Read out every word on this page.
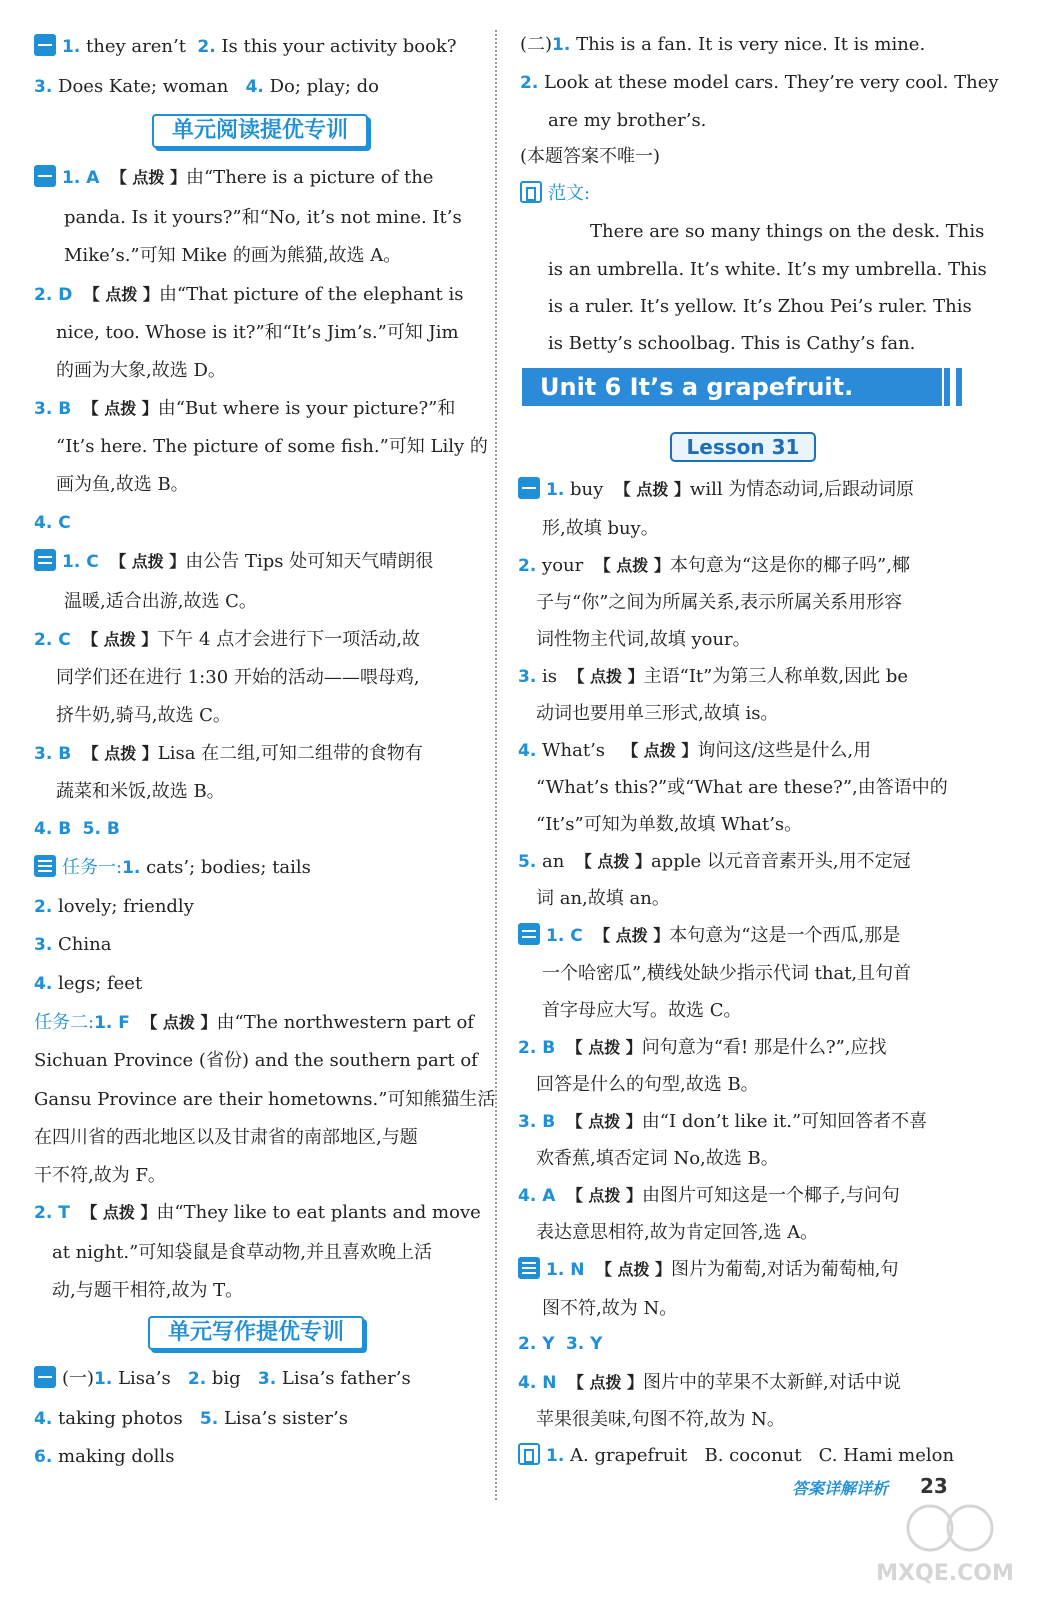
1. they aren’t  2. Is this your activity book?
3. Does Kate; woman   4. Do; play; do
1. A 【 点拨 】由“There is a picture of the
panda. Is it yours?”和“No, it’s not mine. It’s
Mike’s.”可知 Mike 的画为熊猫,故选 A。
2. D 【 点拨 】由“That picture of the elephant is
nice, too. Whose is it?”和“It’s Jim’s.”可知 Jim
的画为大象,故选 D。
3. B 【 点拨 】由“But where is your picture?”和
“It’s here. The picture of some fish.”可知 Lily 的
画为鱼,故选 B。
4. C
1. C 【 点拨 】由公告 Tips 处可知天气晴朗很
温暖,适合出游,故选 C。
2. C 【 点拨 】下午 4 点才会进行下一项活动,故
同学们还在进行 1:30 开始的活动——喂母鸡,
挤牛奶,骑马,故选 C。
3. B 【 点拨 】Lisa 在二组,可知二组带的食物有
蔬菜和米饭,故选 B。
4. B 5. B
任务一:1. cats’; bodies; tails
2. lovely; friendly
3. China
4. legs; feet
任务二:1. F 【 点拨 】由“The northwestern part of
Sichuan Province (省份) and the southern part of
Gansu Province are their hometowns.”可知熊猫生活
在四川省的西北地区以及甘肃省的南部地区,与题
干不符,故为 F。
2. T 【 点拨 】由“They like to eat plants and move
at night.”可知袋鼠是食草动物,并且喜欢晚上活
动,与题干相符,故为 T。
(一)1. Lisa’s   2. big   3. Lisa’s father’s
4. taking photos   5. Lisa’s sister’s
6. making dolls
(二)1. This is a fan. It is very nice. It is mine.
2. Look at these model cars. They’re very cool. They
are my brother’s.
(本题答案不唯一)
范文:
There are so many things on the desk. This
is an umbrella. It’s white. It’s my umbrella. This
is a ruler. It’s yellow. It’s Zhou Pei’s ruler. This
is Betty’s schoolbag. This is Cathy’s fan.
1. buy  【 点拨 】will 为情态动词,后跟动词原
形,故填 buy。
2. your  【 点拨 】本句意为“这是你的椰子吗”,椰
子与“你”之间为所属关系,表示所属关系用形容
词性物主代词,故填 your。
3. is  【 点拨 】主语“It”为第三人称单数,因此 be
动词也要用单三形式,故填 is。
4. What’s   【 点拨 】询问这/这些是什么,用
“What’s this?”或“What are these?”,由答语中的
“It’s”可知为单数,故填 What’s。
5. an  【 点拨 】apple 以元音音素开头,用不定冠
词 an,故填 an。
1. C 【 点拨 】本句意为“这是一个西瓜,那是
一个哈密瓜”,横线处缺少指示代词 that,且句首
首字母应大写。故选 C。
2. B 【 点拨 】问句意为“看! 那是什么?”,应找
回答是什么的句型,故选 B。
3. B 【 点拨 】由“I don’t like it.”可知回答者不喜
欢香蕉,填否定词 No,故选 B。
4. A 【 点拨 】由图片可知这是一个椰子,与问句
表达意思相符,故为肯定回答,选 A。
1. N 【 点拨 】图片为葡萄,对话为葡萄柚,句
图不符,故为 N。
2. Y 3. Y
4. N 【 点拨 】图片中的苹果不太新鲜,对话中说
苹果很美味,句图不符,故为 N。
1. A. grapefruit   B. coconut   C. Hami melon
单元阅读提优专训
单元写作提优专训
Unit 6 It’s a grapefruit.
Lesson 31
答案详解详析 23
MXQE.COM
